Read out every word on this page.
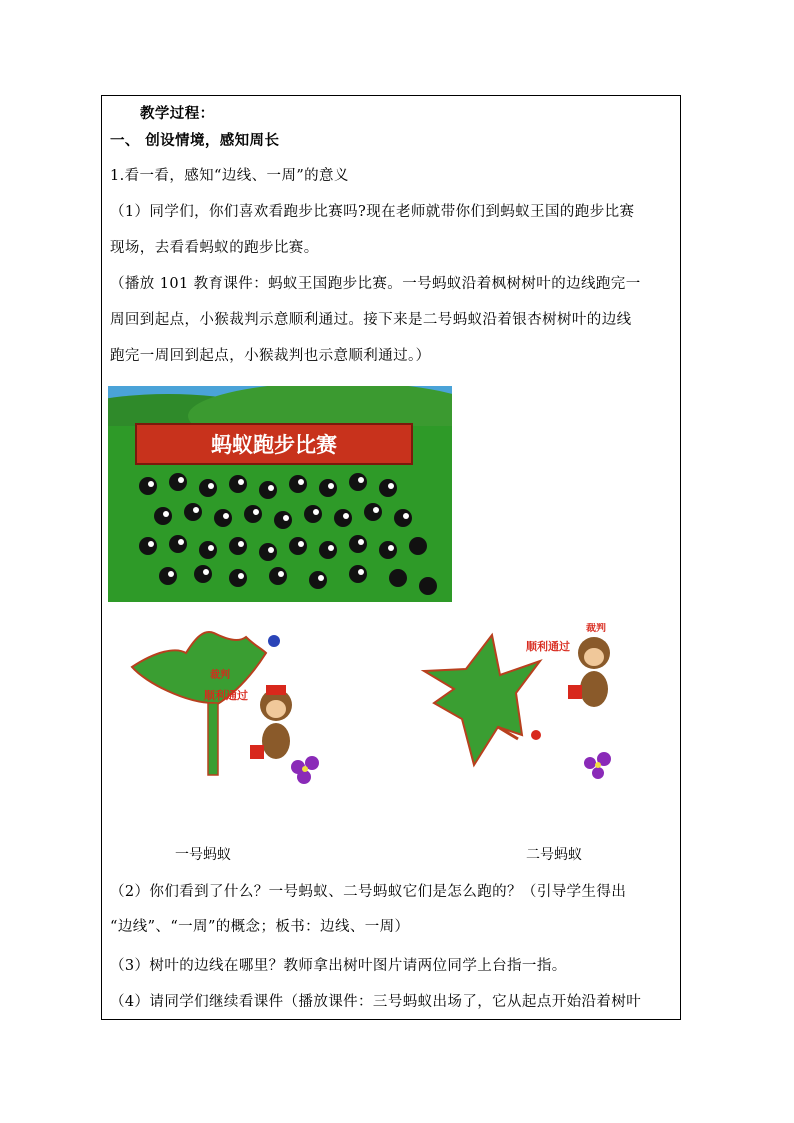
教学过程：
一、 创设情境，感知周长
1.看一看，感知“边线、一周”的意义
（1）同学们，你们喜欢看跑步比赛吗?现在老师就带你们到蚂蚁王国的跑步比赛
现场，去看看蚂蚁的跑步比赛。
（播放 101 教育课件：蚂蚁王国跑步比赛。一号蚂蚁沿着枫树树叶的边线跑完一
周回到起点，小猴裁判示意顺利通过。接下来是二号蚂蚁沿着银杏树树叶的边线
跑完一周回到起点，小猴裁判也示意顺利通过。）
蚂蚁跑步比赛
裁判
顺利通过
裁判
顺利通过
一号蚂蚁	二号蚂蚁
（2）你们看到了什么？一号蚂蚁、二号蚂蚁它们是怎么跑的？（引导学生得出
“边线”、“一周”的概念；板书：边线、一周）
（3）树叶的边线在哪里？教师拿出树叶图片请两位同学上台指一指。
（4）请同学们继续看课件（播放课件：三号蚂蚁出场了，它从起点开始沿着树叶
